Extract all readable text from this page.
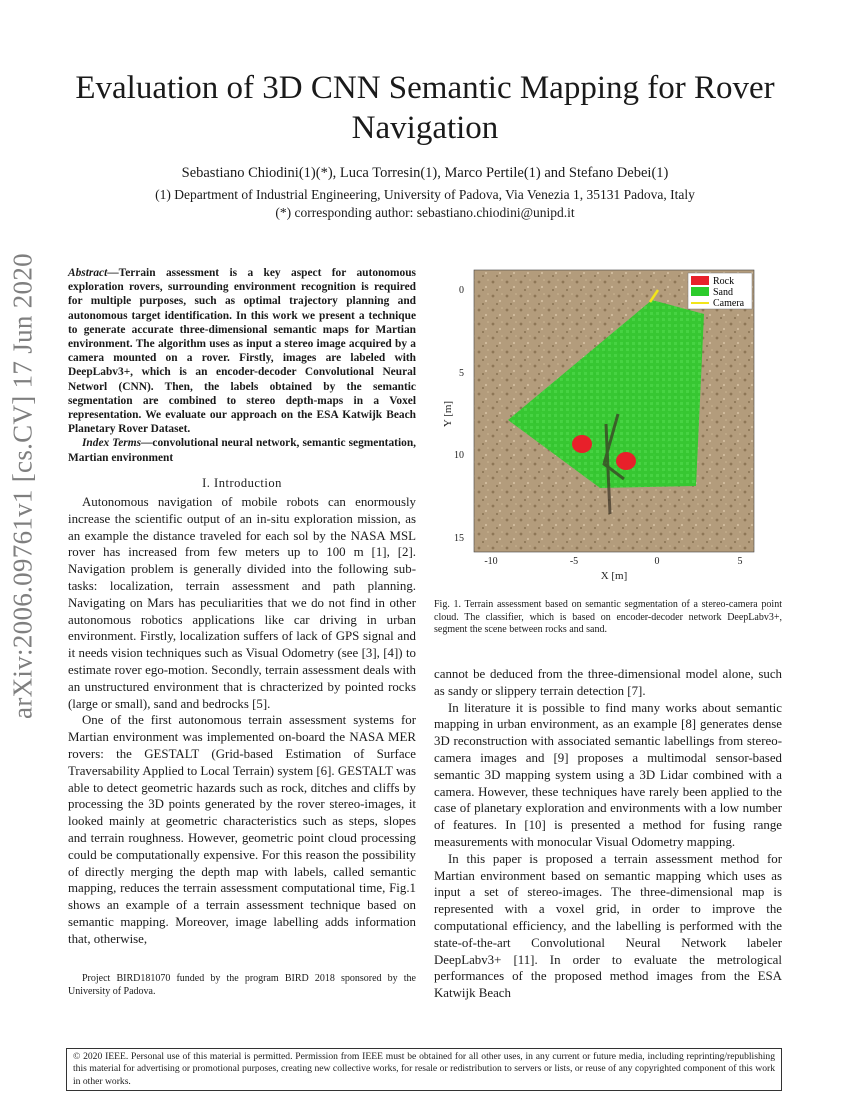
Evaluation of 3D CNN Semantic Mapping for Rover Navigation
Sebastiano Chiodini(1)(*), Luca Torresin(1), Marco Pertile(1) and Stefano Debei(1)
(1) Department of Industrial Engineering, University of Padova, Via Venezia 1, 35131 Padova, Italy
(*) corresponding author: sebastiano.chiodini@unipd.it
arXiv:2006.09761v1 [cs.CV] 17 Jun 2020	Abstract—Terrain assessment is a key aspect for autonomous exploration rovers, surrounding environment recognition is required for multiple purposes, such as optimal trajectory planning and autonomous target identification. In this work we present a technique to generate accurate three-dimensional semantic maps for Martian environment. The algorithm uses as input a stereo image acquired by a camera mounted on a rover. Firstly, images are labeled with DeepLabv3+, which is an encoder-decoder Convolutional Neural Networl (CNN). Then, the labels obtained by the semantic segmentation are combined to stereo depth-maps in a Voxel representation. We evaluate our approach on the ESA Katwijk Beach Planetary Rover Dataset.
Index Terms—convolutional neural network, semantic segmentation, Martian environment
I. Introduction

Autonomous navigation of mobile robots can enormously increase the scientific output of an in-situ exploration mission, as an example the distance traveled for each sol by the NASA MSL rover has increased from few meters up to 100 m [1], [2]. Navigation problem is generally divided into the following sub-tasks: localization, terrain assessment and path planning. Navigating on Mars has peculiarities that we do not find in other autonomous robotics applications like car driving in urban environment. Firstly, localization suffers of lack of GPS signal and it needs vision techniques such as Visual Odometry (see [3], [4]) to estimate rover ego-motion. Secondly, terrain assessment deals with an unstructured environment that is chracterized by pointed rocks (large or small), sand and bedrocks [5].

One of the first autonomous terrain assessment systems for Martian environment was implemented on-board the NASA MER rovers: the GESTALT (Grid-based Estimation of Surface Traversability Applied to Local Terrain) system [6]. GESTALT was able to detect geometric hazards such as rock, ditches and cliffs by processing the 3D points generated by the rover stereo-images, it looked mainly at geometric characteristics such as steps, slopes and terrain roughness. However, geometric point cloud processing could be computationally expensive. For this reason the possibility of directly merging the depth map with labels, called semantic mapping, reduces the terrain assessment computational time, Fig.1 shows an example of a terrain assessment technique based on semantic mapping. Moreover, image labelling adds information that, otherwise,

Project BIRD181070 funded by the program BIRD 2018 sponsored by the University of Padova.
Rock
Sand
Camera
0
5
10
15
-10	-5	0	5
X [m]
Y [m]
Fig. 1. Terrain assessment based on semantic segmentation of a stereo-camera point cloud. The classifier, which is based on encoder-decoder network DeepLabv3+, segment the scene between rocks and sand.

cannot be deduced from the three-dimensional model alone, such as sandy or slippery terrain detection [7].

In literature it is possible to find many works about semantic mapping in urban environment, as an example [8] generates dense 3D reconstruction with associated semantic labellings from stereo-camera images and [9] proposes a multimodal sensor-based semantic 3D mapping system using a 3D Lidar combined with a camera. However, these techniques have rarely been applied to the case of planetary exploration and environments with a low number of features. In [10] is presented a method for fusing range measurements with monocular Visual Odometry mapping.

In this paper is proposed a terrain assessment method for Martian environment based on semantic mapping which uses as input a set of stereo-images. The three-dimensional map is represented with a voxel grid, in order to improve the computational efficiency, and the labelling is performed with the state-of-the-art Convolutional Neural Network labeler DeepLabv3+ [11]. In order to evaluate the metrological performances of the proposed method images from the ESA Katwijk Beach

© 2020 IEEE. Personal use of this material is permitted. Permission from IEEE must be obtained for all other uses, in any current or future media, including reprinting/republishing this material for advertising or promotional purposes, creating new collective works, for resale or redistribution to servers or lists, or reuse of any copyrighted component of this work in other works.
